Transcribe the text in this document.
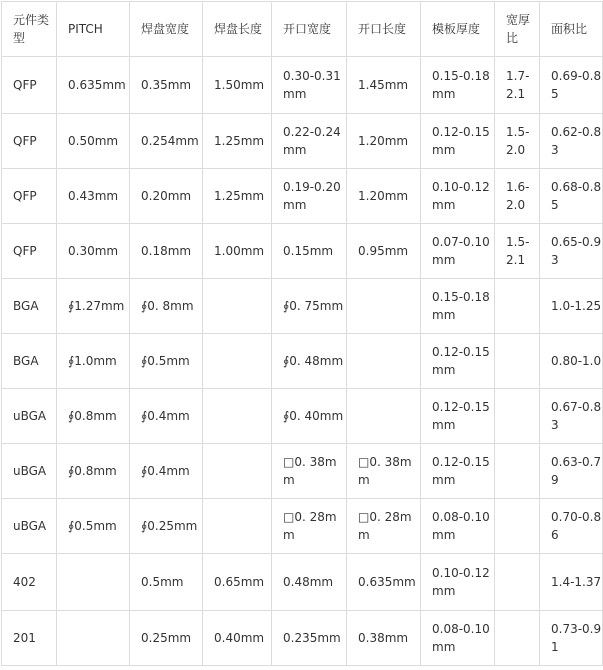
元件类型	PITCH	焊盘宽度	焊盘长度	开口宽度	开口长度	模板厚度	宽厚比	面积比
QFP	0.635mm	0.35mm	1.50mm	0.30-0.31mm	1.45mm	0.15-0.18mm	1.7-2.1	0.69-0.85
QFP	0.50mm	0.254mm	1.25mm	0.22-0.24mm	1.20mm	0.12-0.15mm	1.5-2.0	0.62-0.83
QFP	0.43mm	0.20mm	1.25mm	0.19-0.20mm	1.20mm	0.10-0.12mm	1.6-2.0	0.68-0.85
QFP	0.30mm	0.18mm	1.00mm	0.15mm	0.95mm	0.07-0.10mm	1.5-2.1	0.65-0.93
BGA	∮1.27mm	∮0. 8mm		∮0. 75mm		0.15-0.18mm		1.0-1.25
BGA	∮1.0mm	∮0.5mm		∮0. 48mm		0.12-0.15mm		0.80-1.0
uBGA	∮0.8mm	∮0.4mm		∮0. 40mm		0.12-0.15mm		0.67-0.83
uBGA	∮0.8mm	∮0.4mm		□0. 38mm	□0. 38mm	0.12-0.15mm		0.63-0.79
uBGA	∮0.5mm	∮0.25mm		□0. 28mm	□0. 28mm	0.08-0.10mm		0.70-0.86
402		0.5mm	0.65mm	0.48mm	0.635mm	0.10-0.12mm		1.4-1.37
201		0.25mm	0.40mm	0.235mm	0.38mm	0.08-0.10mm		0.73-0.91
